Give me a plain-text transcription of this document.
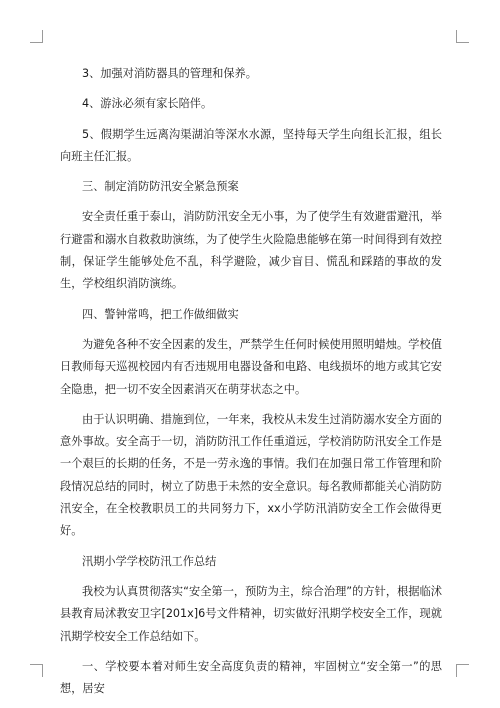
3、加强对消防器具的管理和保养。

4、游泳必须有家长陪伴。

5、假期学生远离沟渠湖泊等深水水源，坚持每天学生向组长汇报，组长向班主任汇报。

三、制定消防防汛安全紧急预案

安全责任重于泰山，消防防汛安全无小事，为了使学生有效避雷避汛，举行避雷和溺水自救救助演练，为了使学生火险隐患能够在第一时间得到有效控制，保证学生能够处危不乱，科学避险，减少盲目、慌乱和踩踏的事故的发生，学校组织消防演练。

四、警钟常鸣，把工作做细做实

为避免各种不安全因素的发生，严禁学生任何时候使用照明蜡烛。学校值日教师每天巡视校园内有否违规用电器设备和电路、电线损坏的地方或其它安全隐患，把一切不安全因素消灭在萌芽状态之中。

由于认识明确、措施到位，一年来，我校从未发生过消防溺水安全方面的意外事故。安全高于一切，消防防汛工作任重道远，学校消防防汛安全工作是一个艰巨的长期的任务，不是一劳永逸的事情。我们在加强日常工作管理和阶段情况总结的同时，树立了防患于未然的安全意识。每名教师都能关心消防防汛安全，在全校教职员工的共同努力下，xx小学防汛消防安全工作会做得更好。

汛期小学学校防汛工作总结

我校为认真贯彻落实“安全第一，预防为主，综合治理”的方针，根据临沭县教育局沭教安卫字[201x]6号文件精神，切实做好汛期学校安全工作，现就汛期学校安全工作总结如下。

一、学校要本着对师生安全高度负责的精神，牢固树立“安全第一”的思想，居安
